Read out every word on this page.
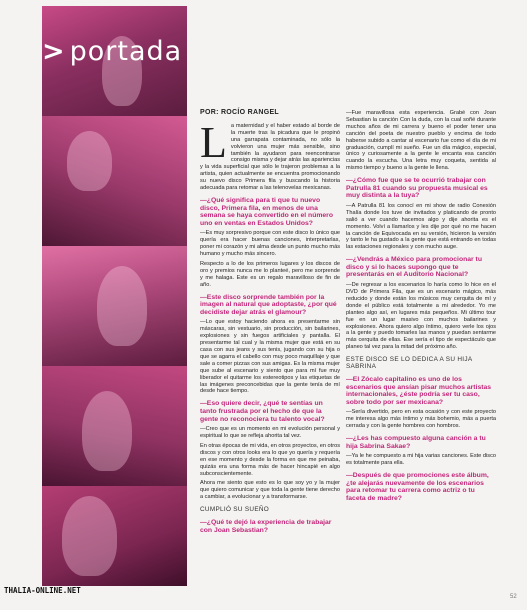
> portada
POR: ROCÍO RANGEL
La maternidad y el haber estado al borde de la muerte tras la picadura que le propinó una garrapata contaminada, no sólo la volvieron una mujer más sensible, sino también la ayudaron para reencontrarse consigo misma y dejar atrás las apariencias y la vida superficial que sólo le trajeron problemas a la artista, quien actualmente se encuentra promocionando su nuevo disco Primera fila y buscando la historia adecuada para retomar a las telenovelas mexicanas.
—¿Qué significa para ti que tu nuevo disco, Primera fila, en menos de una semana se haya convertido en el número uno en ventas en Estados Unidos?
—Es muy sorpresivo porque con este disco lo único que quería era hacer buenas canciones, interpretarlas, poner mi corazón y mi alma desde un punto mucho más humano y mucho más sincero.
Respecto a lo de los primeros lugares y los discos de oro y premios nunca me lo planteé, pero me sorprende y me halaga. Este es un regalo maravilloso de fin de año.
—Este disco sorprende también por la imagen al natural que adoptaste, ¿por qué decidiste dejar atrás el glamour?
—Lo que estoy haciendo ahora es presentarme sin máscaras, sin vestuario, sin producción, sin bailarines, explosiones y sin fuegos artificiales y pantalla. El presentarme tal cual y la misma mujer que está en su casa con sus jeans y sus tenis, jugando con su hija o que se agarra el cabello con muy poco maquillaje y que sale a comer pizzas con sus amigas. Es la misma mujer que sube al escenario y siento que para mí fue muy liberador el quitarme los estereotipos y las etiquetas de las imágenes preconcebidas que la gente tenía de mí desde hace tiempo.
—Eso quiere decir, ¿qué te sentías un tanto frustrada por el hecho de que la gente no reconociera tu talento vocal?
—Creo que es un momento en mi evolución personal y espiritual lo que se refleja ahorita tal vez.
En otras épocas de mi vida, en otros proyectos, en otros discos y con otros looks era lo que yo quería y requería en ese momento y desde la forma en que me peinaba, quizás era una forma más de hacer hincapié en algo subconscientemente.
Ahora me siento que esto es lo que soy yo y la mujer que quiero comunicar y que toda la gente tiene derecho a cambiar, a evolucionar y a transformarse.
CUMPLIÓ SU SUEÑO
—¿Qué te dejó la experiencia de trabajar con Joan Sebastian?
—Fue maravillosa esta experiencia. Grabé con Joan Sebastian la canción Con la duda, con la cual soñé durante muchos años de mi carrera y bueno el poder tener una canción del poeta de nuestro pueblo y encima de todo haberse subido a cantar al escenario fue como el día de mi graduación, cumplí mi sueño. Fue un día mágico, especial, único y curiosamente a la gente le encanta esa canción cuando la escucha. Una letra muy coqueta, sentida al mismo tiempo y bueno a la gente le llena.
—¿Cómo fue que se te ocurrió trabajar con Patrulla 81 cuando su propuesta musical es muy distinta a la tuya?
—A Patrulla 81 los conocí en mi show de radio Conexión Thalía donde los tuve de invitados y platicando de pronto salió a ver cuando hacemos algo y dije ahorita es el momento. Volví a llamarlos y les dije por qué no me hacen la canción de Equivocada en su versión, hicieron la versión y tanto le ha gustado a la gente que está entrando en todas las estaciones regionales y con mucho auge.
—¿Vendrás a México para promocionar tu disco y si lo haces supongo que te presentarás en el Auditorio Nacional?
—De regresar a los escenarios lo haría como lo hice en el DVD de Primera Fila, que es un escenario mágico, más reducido y donde están los músicos muy cerquita de mí y donde el público está totalmente a mi alrededor. Yo me planteo algo así, en lugares más pequeños. Mi último tour fue en un lugar masivo con muchos bailarines y explosiones. Ahora quiero algo íntimo, quiero verle los ojos a la gente y puedo tomarles las manos y puedan sentarme más cerquita de ellas. Ese sería el tipo de espectáculo que planeo tal vez para la mitad del próximo año.
ESTE DISCO SE LO DEDICA A SU HIJA SABRINA
—El Zócalo capitalino es uno de los escenarios que ansían pisar muchos artistas internacionales, ¿éste podría ser tu caso, sobre todo por ser mexicana?
—Sería divertido, pero en esta ocasión y con este proyecto me interesa algo más íntimo y más bohemio, más a puerta cerrada y con la gente hombres con hombros.
—¿Les has compuesto alguna canción a tu hija Sabrina Sakae?
—Ya le he compuesto a mi hija varias canciones. Este disco es totalmente para ella.
—Después de que promociones este álbum, ¿te alejarás nuevamente de los escenarios para retomar tu carrera como actriz o tu faceta de madre?
THALIA-ONLINE.NET
52
